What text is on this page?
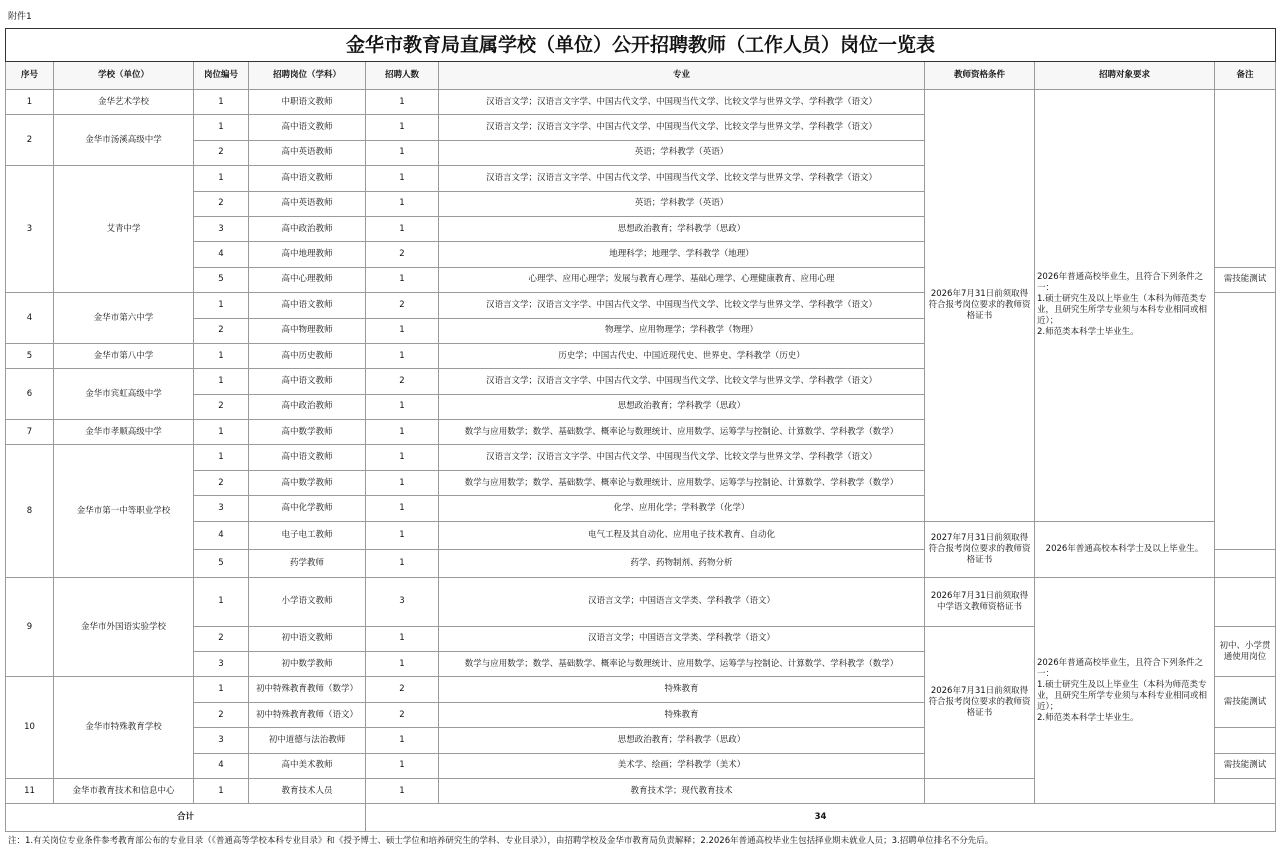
附件1
金华市教育局直属学校（单位）公开招聘教师（工作人员）岗位一览表									
序号	学校（单位）	岗位编号	招聘岗位（学科）	招聘人数	专业	教师资格条件	招聘对象要求	备注	
1	金华艺术学校	1	中职语文教师	1	汉语言文学；汉语言文字学、中国古代文学、中国现当代文学、比较文学与世界文学、学科教学（语文）	2026年7月31日前须取得符合报考岗位要求的教师资格证书	2026年普通高校毕业生，且符合下列条件之一：
1.硕士研究生及以上毕业生（本科为师范类专业，且研究生所学专业须与本科专业相同或相近）；
2.师范类本科学士毕业生。		
2	金华市汤溪高级中学	1	高中语文教师	1	汉语言文学；汉语言文字学、中国古代文学、中国现当代文学、比较文学与世界文学、学科教学（语文）				
		2	高中英语教师	1	英语；学科教学（英语）				
3	艾青中学	1	高中语文教师	1	汉语言文学；汉语言文字学、中国古代文学、中国现当代文学、比较文学与世界文学、学科教学（语文）				
		2	高中英语教师	1	英语；学科教学（英语）				
		3	高中政治教师	1	思想政治教育；学科教学（思政）				
		4	高中地理教师	2	地理科学；地理学、学科教学（地理）				
		5	高中心理教师	1	心理学、应用心理学；发展与教育心理学、基础心理学、心理健康教育、应用心理			需技能测试	
4	金华市第六中学	1	高中语文教师	2	汉语言文学；汉语言文字学、中国古代文学、中国现当代文学、比较文学与世界文学、学科教学（语文）				
		2	高中物理教师	1	物理学、应用物理学；学科教学（物理）				
5	金华市第八中学	1	高中历史教师	1	历史学；中国古代史、中国近现代史、世界史、学科教学（历史）				
6	金华市宾虹高级中学	1	高中语文教师	2	汉语言文学；汉语言文字学、中国古代文学、中国现当代文学、比较文学与世界文学、学科教学（语文）				
		2	高中政治教师	1	思想政治教育；学科教学（思政）				
7	金华市孝顺高级中学	1	高中数学教师	1	数学与应用数学；数学、基础数学、概率论与数理统计、应用数学、运筹学与控制论、计算数学、学科教学（数学）				
8	金华市第一中等职业学校	1	高中语文教师	1	汉语言文学；汉语言文字学、中国古代文学、中国现当代文学、比较文学与世界文学、学科教学（语文）				
		2	高中数学教师	1	数学与应用数学；数学、基础数学、概率论与数理统计、应用数学、运筹学与控制论、计算数学、学科教学（数学）				
		3	高中化学教师	1	化学、应用化学；学科教学（化学）				
		4	电子电工教师	1	电气工程及其自动化、应用电子技术教育、自动化	2027年7月31日前须取得符合报考岗位要求的教师资格证书	2026年普通高校本科学士及以上毕业生。	
		5	药学教师	1	药学、药物制剂、药物分析				
9	金华市外国语实验学校	1	小学语文教师	3	汉语言文学；中国语言文学类、学科教学（语文）	2026年7月31日前须取得中学语文教师资格证书	2026年普通高校毕业生，且符合下列条件之一：
1.硕士研究生及以上毕业生（本科为师范类专业，且研究生所学专业须与本科专业相同或相近）；
2.师范类本科学士毕业生。		
		2	初中语文教师	1	汉语言文学；中国语言文学类、学科教学（语文）	2026年7月31日前须取得符合报考岗位要求的教师资格证书		初中、小学贯通使用岗位	
		3	初中数学教师	1	数学与应用数学；数学、基础数学、概率论与数理统计、应用数学、运筹学与控制论、计算数学、学科教学（数学）				
10	金华市特殊教育学校	1	初中特殊教育教师（数学）	2	特殊教育			需技能测试	
		2	初中特殊教育教师（语文）	2	特殊教育				
		3	初中道德与法治教师	1	思想政治教育；学科教学（思政）				
		4	高中美术教师	1	美术学、绘画；学科教学（美术）			需技能测试	
11	金华市教育技术和信息中心	1	教育技术人员	1	教育技术学；现代教育技术				
合计				34					
注：1.有关岗位专业条件参考教育部公布的专业目录（《普通高等学校本科专业目录》和《授予博士、硕士学位和培养研究生的学科、专业目录》），由招聘学校及金华市教育局负责解释；2.2026年普通高校毕业生包括择业期未就业人员；3.招聘单位排名不分先后。
